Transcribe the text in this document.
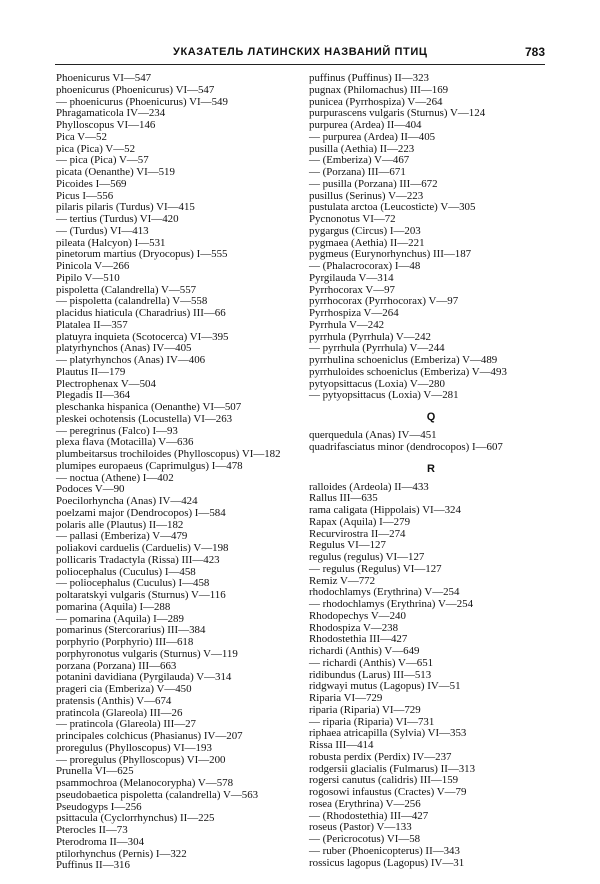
УКАЗАТЕЛЬ ЛАТИНСКИХ НАЗВАНИЙ ПТИЦ	783
Phoenicurus VI—547
phoenicurus (Phoenicurus) VI—547
— phoenicurus (Phoenicurus) VI—549
Phragamaticola IV—234
Phylloscopus VI—146
Pica V—52
pica (Pica) V—52
— pica (Pica) V—57
picata (Oenanthe) VI—519
Picoides I—569
Picus I—556
pilaris pilaris (Turdus) VI—415
— tertius (Turdus) VI—420
— (Turdus) VI—413
pileata (Halcyon) I—531
pinetorum martius (Dryocopus) I—555
Pinicola V—266
Pipilo V—510
pispoletta (Calandrella) V—557
— pispoletta (calandrella) V—558
placidus hiaticula (Charadrius) III—66
Platalea II—357
platuyra inquieta (Scotocerca) VI—395
platyrhynchos (Anas) IV—405
— platyrhynchos (Anas) IV—406
Plautus II—179
Plectrophenax V—504
Plegadis II—364
pleschanka hispanica (Oenanthe) VI—507
pleskei ochotensis (Locustella) VI—263
— peregrinus (Falco) I—93
plexa flava (Motacilla) V—636
plumbeitarsus trochiloides (Phylloscopus) VI—182
plumipes europaeus (Caprimulgus) I—478
— noctua (Athene) I—402
Podoces V—90
Poecilorhyncha (Anas) IV—424
poelzami major (Dendrocopos) I—584
polaris alle (Plautus) II—182
— pallasi (Emberiza) V—479
poliakovi carduelis (Carduelis) V—198
pollicaris Tradactyla (Rissa) III—423
poliocephalus (Cuculus) I—458
— poliocephalus (Cuculus) I—458
poltaratskyi vulgaris (Sturnus) V—116
pomarina (Aquila) I—288
— pomarina (Aquila) I—289
pomarinus (Stercorarius) III—384
porphyrio (Porphyrio) III—618
porphyronotus vulgaris (Sturnus) V—119
porzana (Porzana) III—663
potanini davidiana (Pyrgilauda) V—314
prageri cia (Emberiza) V—450
pratensis (Anthis) V—674
pratincola (Glareola) III—26
— pratincola (Glareola) III—27
principales colchicus (Phasianus) IV—207
proregulus (Phylloscopus) VI—193
— proregulus (Phylloscopus) VI—200
Prunella VI—625
psammochroa (Melanocorypha) V—578
pseudobaetica pispoletta (calandrella) V—563
Pseudogyps I—256
psittacula (Cyclorrhynchus) II—225
Pterocles II—73
Pterodroma II—304
ptilorhynchus (Pernis) I—322
Puffinus II—316
puffinus (Puffinus) II—323
pugnax (Philomachus) III—169
punicea (Pyrrhospiza) V—264
purpurascens vulgaris (Sturnus) V—124
purpurea (Ardea) II—404
— purpurea (Ardea) II—405
pusilla (Aethia) II—223
— (Emberiza) V—467
— (Porzana) III—671
— pusilla (Porzana) III—672
pusillus (Serinus) V—223
pustulata arctoa (Leucosticte) V—305
Pycnonotus VI—72
pygargus (Circus) I—203
pygmaea (Aethia) II—221
pygmeus (Eurynorhynchus) III—187
— (Phalacrocorax) I—48
Pyrgilauda V—314
Pyrrhocorax V—97
pyrrhocorax (Pyrrhocorax) V—97
Pyrrhospiza V—264
Pyrrhula V—242
pyrrhula (Pyrrhula) V—242
— pyrrhula (Pyrrhula) V—244
pyrrhulina schoeniclus (Emberiza) V—489
pyrrhuloides schoeniclus (Emberiza) V—493
pytyopsittacus (Loxia) V—280
— pytyopsittacus (Loxia) V—281
Q
querquedula (Anas) IV—451
quadrifasciatus minor (dendrocopos) I—607
R
ralloides (Ardeola) II—433
Rallus III—635
rama caligata (Hippolais) VI—324
Rapax (Aquila) I—279
Recurvirostra II—274
Regulus VI—127
regulus (regulus) VI—127
— regulus (Regulus) VI—127
Remiz V—772
rhodochlamys (Erythrina) V—254
— rhodochlamys (Erythrina) V—254
Rhodopechys V—240
Rhodospiza V—238
Rhodostethia III—427
richardi (Anthis) V—649
— richardi (Anthis) V—651
ridibundus (Larus) III—513
ridgwayi mutus (Lagopus) IV—51
Riparia VI—729
riparia (Riparia) VI—729
— riparia (Riparia) VI—731
riphaea atricapilla (Sylvia) VI—353
Rissa III—414
robusta perdix (Perdix) IV—237
rodgersii glacialis (Fulmarus) II—313
rogersi canutus (calidris) III—159
rogosowi infaustus (Cractes) V—79
rosea (Erythrina) V—256
— (Rhodostethia) III—427
roseus (Pastor) V—133
— (Pericrocotus) VI—58
— ruber (Phoenicopterus) II—343
rossicus lagopus (Lagopus) IV—31
